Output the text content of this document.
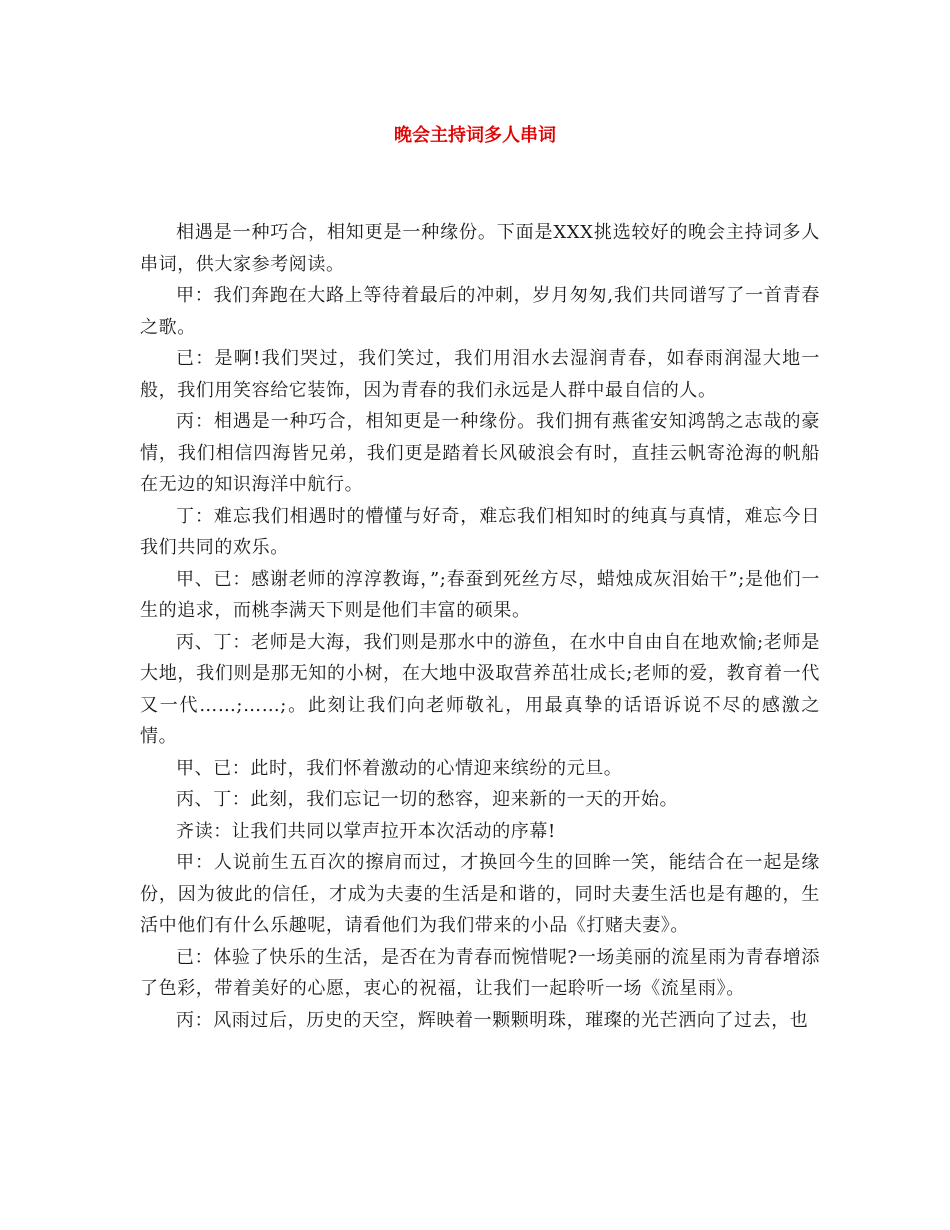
晚会主持词多人串词

相遇是一种巧合，相知更是一种缘份。下面是XXX挑选较好的晚会主持词多人串词，供大家参考阅读。

甲：我们奔跑在大路上等待着最后的冲刺，岁月匆匆,我们共同谱写了一首青春之歌。

已：是啊!我们哭过，我们笑过，我们用泪水去湿润青春，如春雨润湿大地一般，我们用笑容给它装饰，因为青春的我们永远是人群中最自信的人。

丙：相遇是一种巧合，相知更是一种缘份。我们拥有燕雀安知鸿鹄之志哉的豪情，我们相信四海皆兄弟，我们更是踏着长风破浪会有时，直挂云帆寄沧海的帆船在无边的知识海洋中航行。

丁：难忘我们相遇时的懵懂与好奇，难忘我们相知时的纯真与真情，难忘今日我们共同的欢乐。

甲、已：感谢老师的淳淳教诲，”;春蚕到死丝方尽，蜡烛成灰泪始干”;是他们一生的追求，而桃李满天下则是他们丰富的硕果。

丙、丁：老师是大海，我们则是那水中的游鱼，在水中自由自在地欢愉;老师是大地，我们则是那无知的小树，在大地中汲取营养茁壮成长;老师的爱，教育着一代又一代……;……;。此刻让我们向老师敬礼，用最真挚的话语诉说不尽的感激之情。

甲、已：此时，我们怀着激动的心情迎来缤纷的元旦。

丙、丁：此刻，我们忘记一切的愁容，迎来新的一天的开始。

齐读：让我们共同以掌声拉开本次活动的序幕!

甲：人说前生五百次的擦肩而过，才换回今生的回眸一笑，能结合在一起是缘份，因为彼此的信任，才成为夫妻的生活是和谐的，同时夫妻生活也是有趣的，生活中他们有什么乐趣呢，请看他们为我们带来的小品《打赌夫妻》。

已：体验了快乐的生活，是否在为青春而惋惜呢?一场美丽的流星雨为青春增添了色彩，带着美好的心愿，衷心的祝福，让我们一起聆听一场《流星雨》。

丙：风雨过后，历史的天空，辉映着一颗颗明珠，璀璨的光芒洒向了过去，也
